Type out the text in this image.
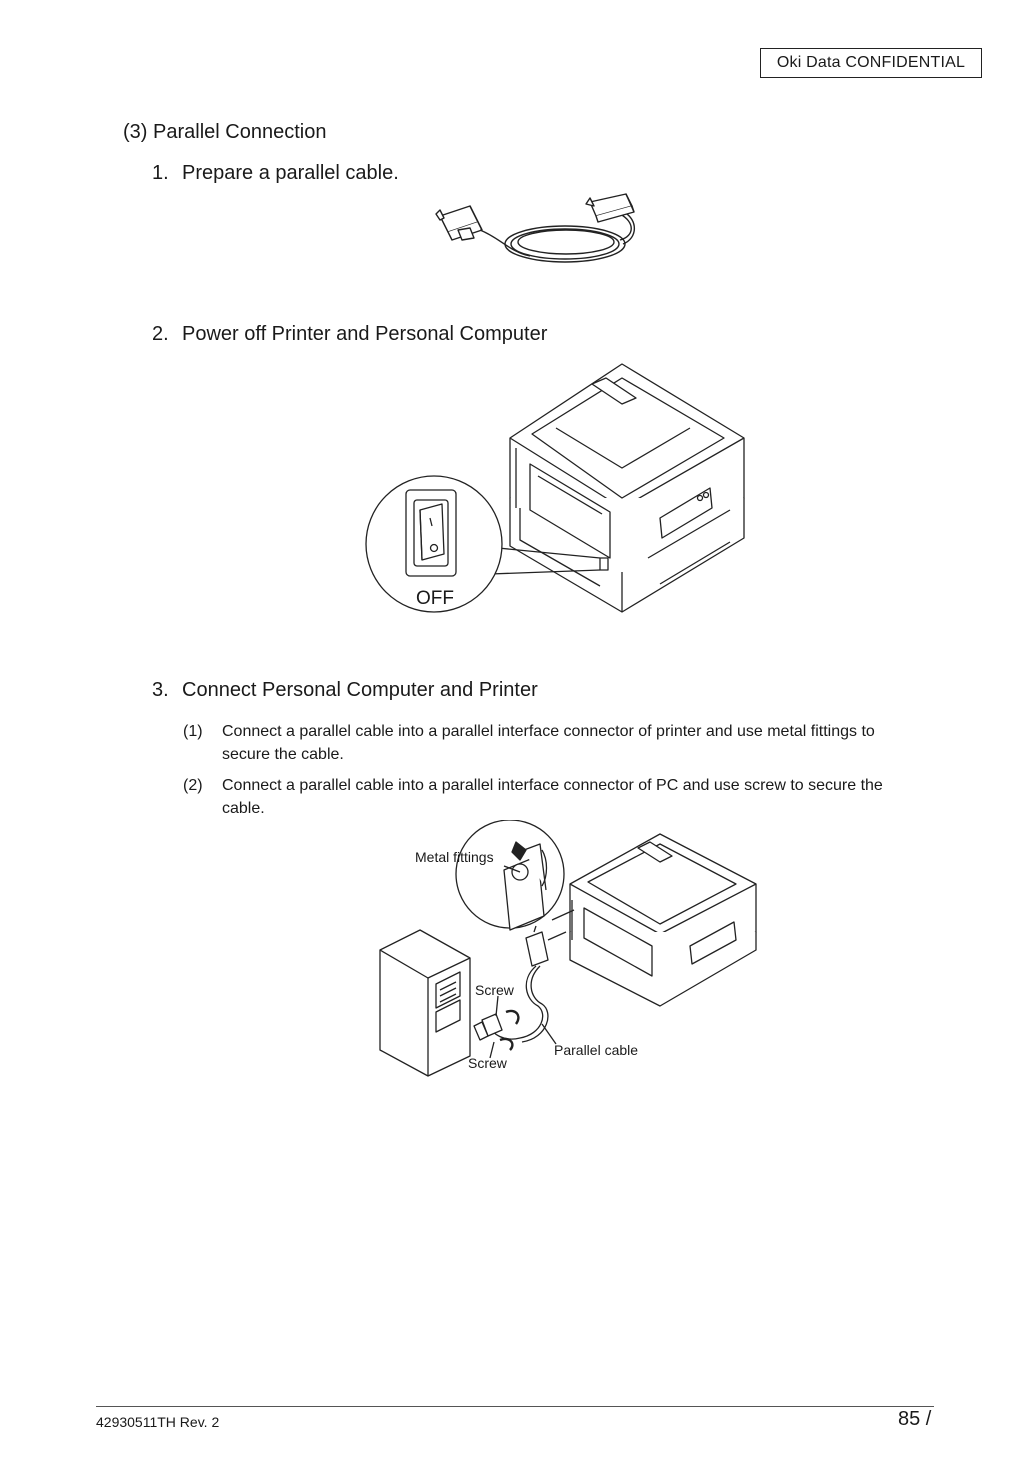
Oki Data CONFIDENTIAL
(3) Parallel Connection
1. Prepare a parallel cable.
2. Power off Printer and Personal Computer
OFF
3. Connect Personal Computer and Printer
(1) Connect a parallel cable into a parallel interface connector of printer and use metal fittings to secure the cable.
(2) Connect a parallel cable into a parallel interface connector of PC and use screw to secure the cable.
Metal fittings
Screw
Screw
Parallel cable
42930511TH Rev. 2	85 /
